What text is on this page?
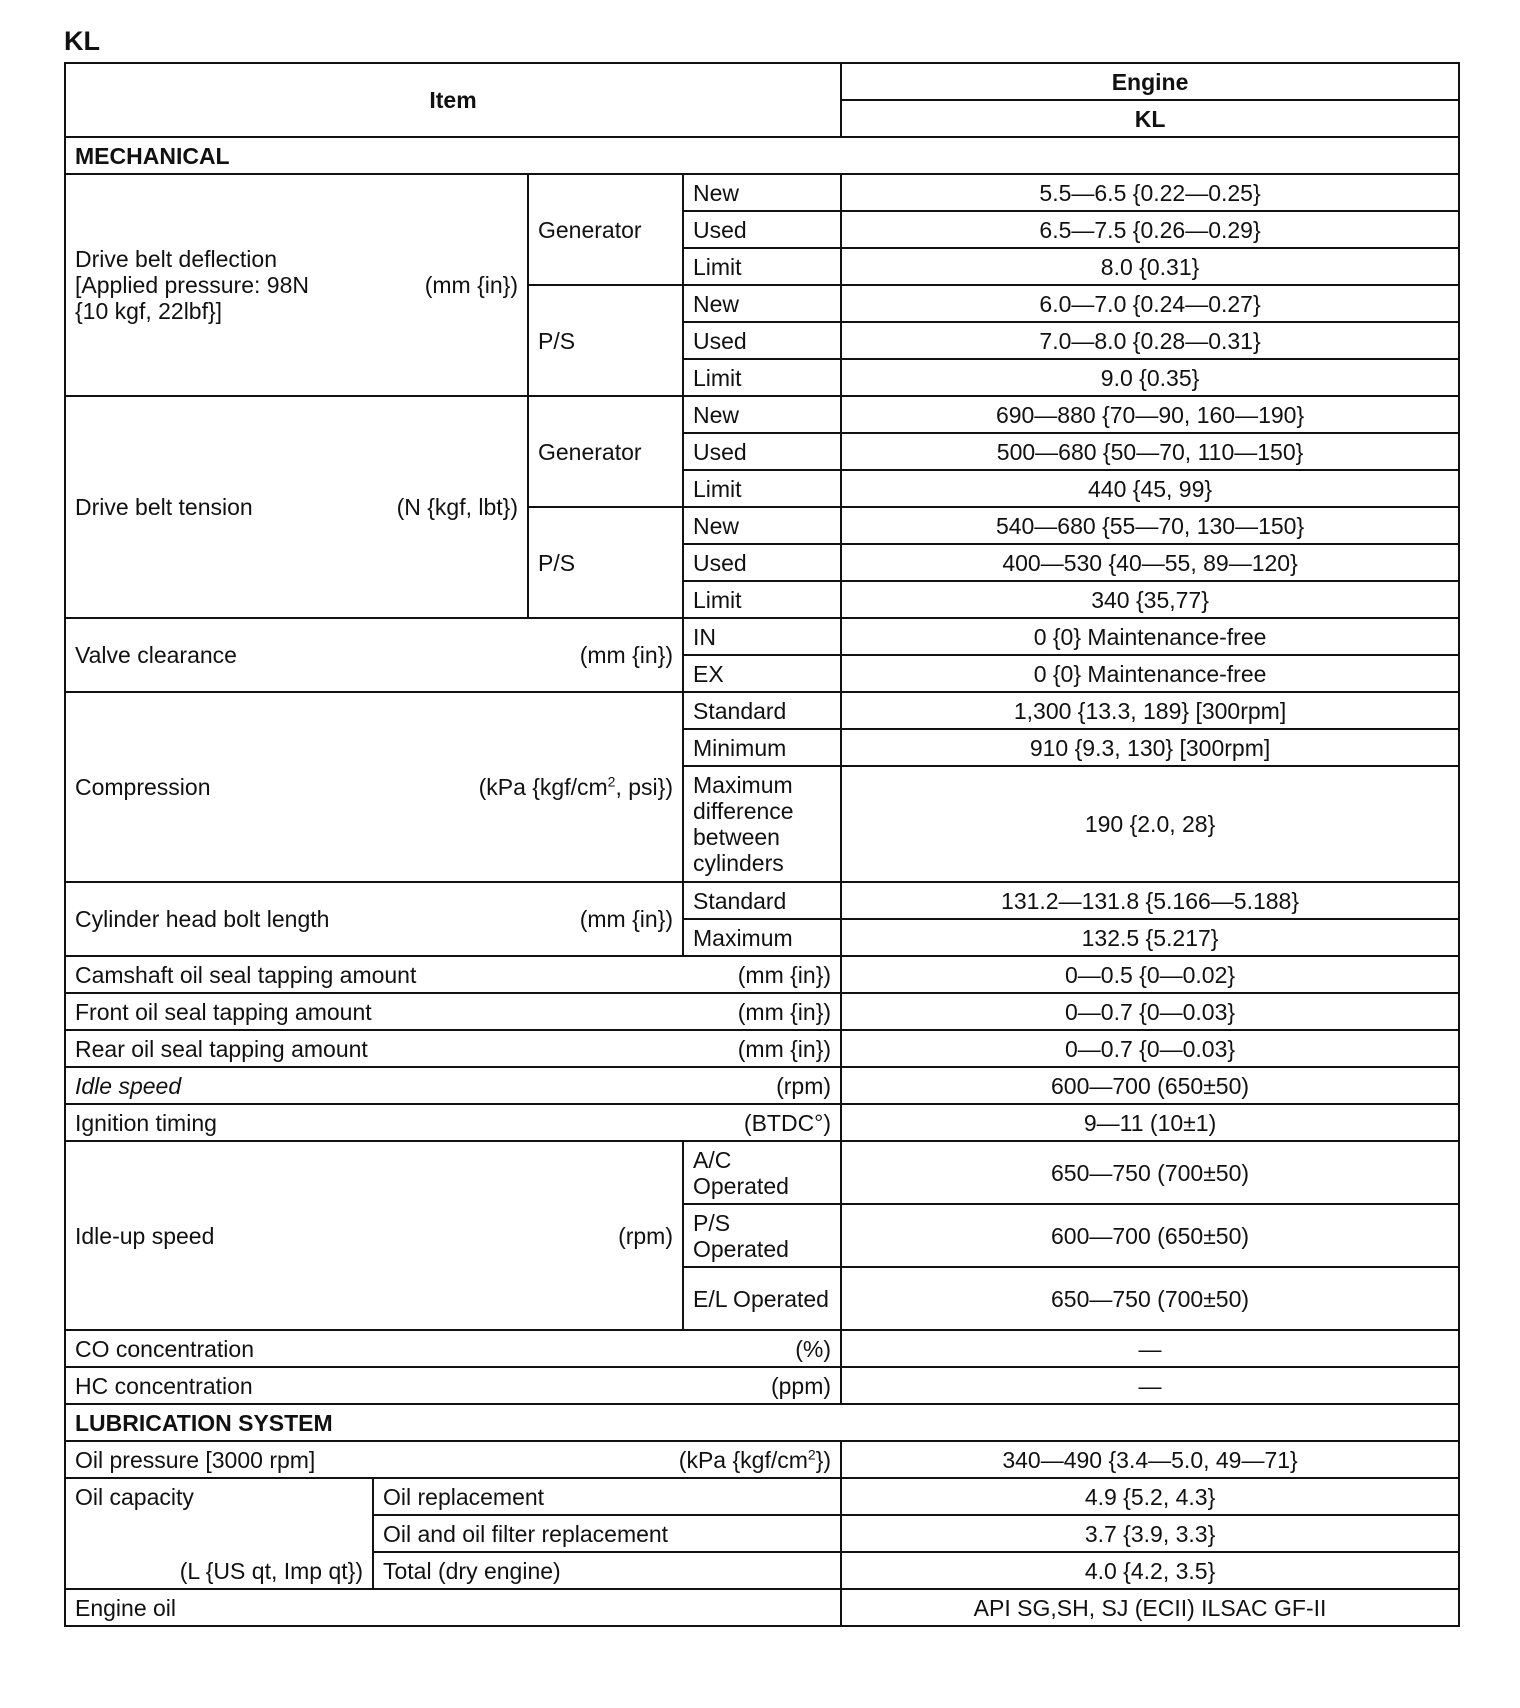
KL
Item				Engine
				KL
MECHANICAL				

Drive belt deflection
[Applied pressure: 98N
{10 kgf, 22lbf}]
(mm {in})		Generator	New	5.5—6.5 {0.22—0.25}
			Used	6.5—7.5 {0.26—0.29}
			Limit	8.0 {0.31}
		P/S	New	6.0—7.0 {0.24—0.27}
			Used	7.0—8.0 {0.28—0.31}
			Limit	9.0 {0.35}

Drive belt tension (N {kgf, lbt})		Generator	New	690—880 {70—90, 160—190}
			Used	500—680 {50—70, 110—150}
			Limit	440 {45, 99}
		P/S	New	540—680 {55—70, 130—150}
			Used	400—530 {40—55, 89—120}
			Limit	340 {35,77}

Valve clearance (mm {in})			IN	0 {0} Maintenance-free
			EX	0 {0} Maintenance-free

Compression (kPa {$kgf/cm^2$, psi})			Standard	1,300 {13.3, 189} [300rpm]
			Minimum	910 {9.3, 130} [300rpm]
			Maximum difference between cylinders	190 {2.0, 28}

Cylinder head bolt length (mm {in})			Standard	131.2—131.8 {5.166—5.188}
			Maximum	132.5 {5.217}

Camshaft oil seal tapping amount (mm {in})				0—0.5 {0—0.02}

Front oil seal tapping amount (mm {in})				0—0.7 {0—0.03}

Rear oil seal tapping amount (mm {in})				0—0.7 {0—0.03}

Idle speed (rpm)				600—700 (650±50)

Ignition timing (BTDC°)				9—11 (10±1)

Idle-up speed (rpm)			A/C Operated	650—750 (700±50)
			P/S Operated	600—700 (650±50)
			E/L Operated	650—750 (700±50)

CO concentration (%)				—

HC concentration (ppm)				—
LUBRICATION SYSTEM				

Oil pressure [3000 rpm] (kPa $\{kgf/cm^2\}$)				340—490 {3.4—5.0, 49—71}

Oil capacity
(L {US qt, Imp qt})	Oil replacement			4.9 {5.2, 4.3}
	Oil and oil filter replacement			3.7 {3.9, 3.3}
	Total (dry engine)			4.0 {4.2, 3.5}
Engine oil				API SG,SH, SJ (ECII) ILSAC GF-II
